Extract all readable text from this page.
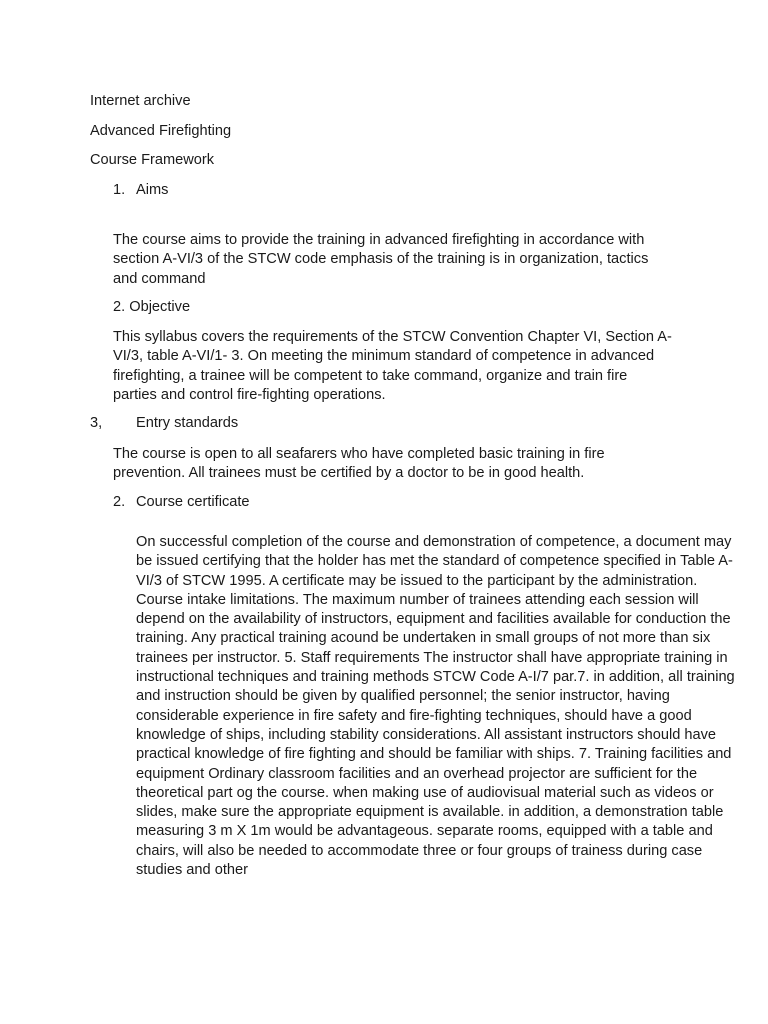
Internet archive
Advanced Firefighting
Course Framework
1. Aims
The course aims to provide the training in advanced firefighting in accordance with section A-VI/3 of the STCW code emphasis of the training is in organization, tactics and command
2. Objective
This syllabus covers the requirements of the STCW Convention Chapter VI, Section A-VI/3, table A-VI/1- 3. On meeting the minimum standard of competence in advanced firefighting, a trainee will be competent to take command, organize and train fire parties and control fire-fighting operations.
3, Entry standards
The course is open to all seafarers who have completed basic training in fire prevention. All trainees must be certified by a doctor to be in good health.
2. Course certificate
On successful completion of the course and demonstration of competence, a document may be issued certifying that the holder has met the standard of competence specified in Table A-VI/3 of STCW 1995. A certificate may be issued to the participant by the administration. Course intake limitations. The maximum number of trainees attending each session will depend on the availability of instructors, equipment and facilities available for conduction the training. Any practical training acound be undertaken in small groups of not more than six trainees per instructor. 5. Staff requirements The instructor shall have appropriate training in instructional techniques and training methods STCW Code A-I/7 par.7. in addition, all training and instruction should be given by qualified personnel; the senior instructor, having considerable experience in fire safety and fire-fighting techniques, should have a good knowledge of ships, including stability considerations. All assistant instructors should have practical knowledge of fire fighting and should be familiar with ships. 7. Training facilities and equipment Ordinary classroom facilities and an overhead projector are sufficient for the theoretical part og the course. when making use of audiovisual material such as videos or slides, make sure the appropriate equipment is available. in addition, a demonstration table measuring 3 m X 1m would be advantageous. separate rooms, equipped with a table and chairs, will also be needed to accommodate three or four groups of trainess during case studies and other
